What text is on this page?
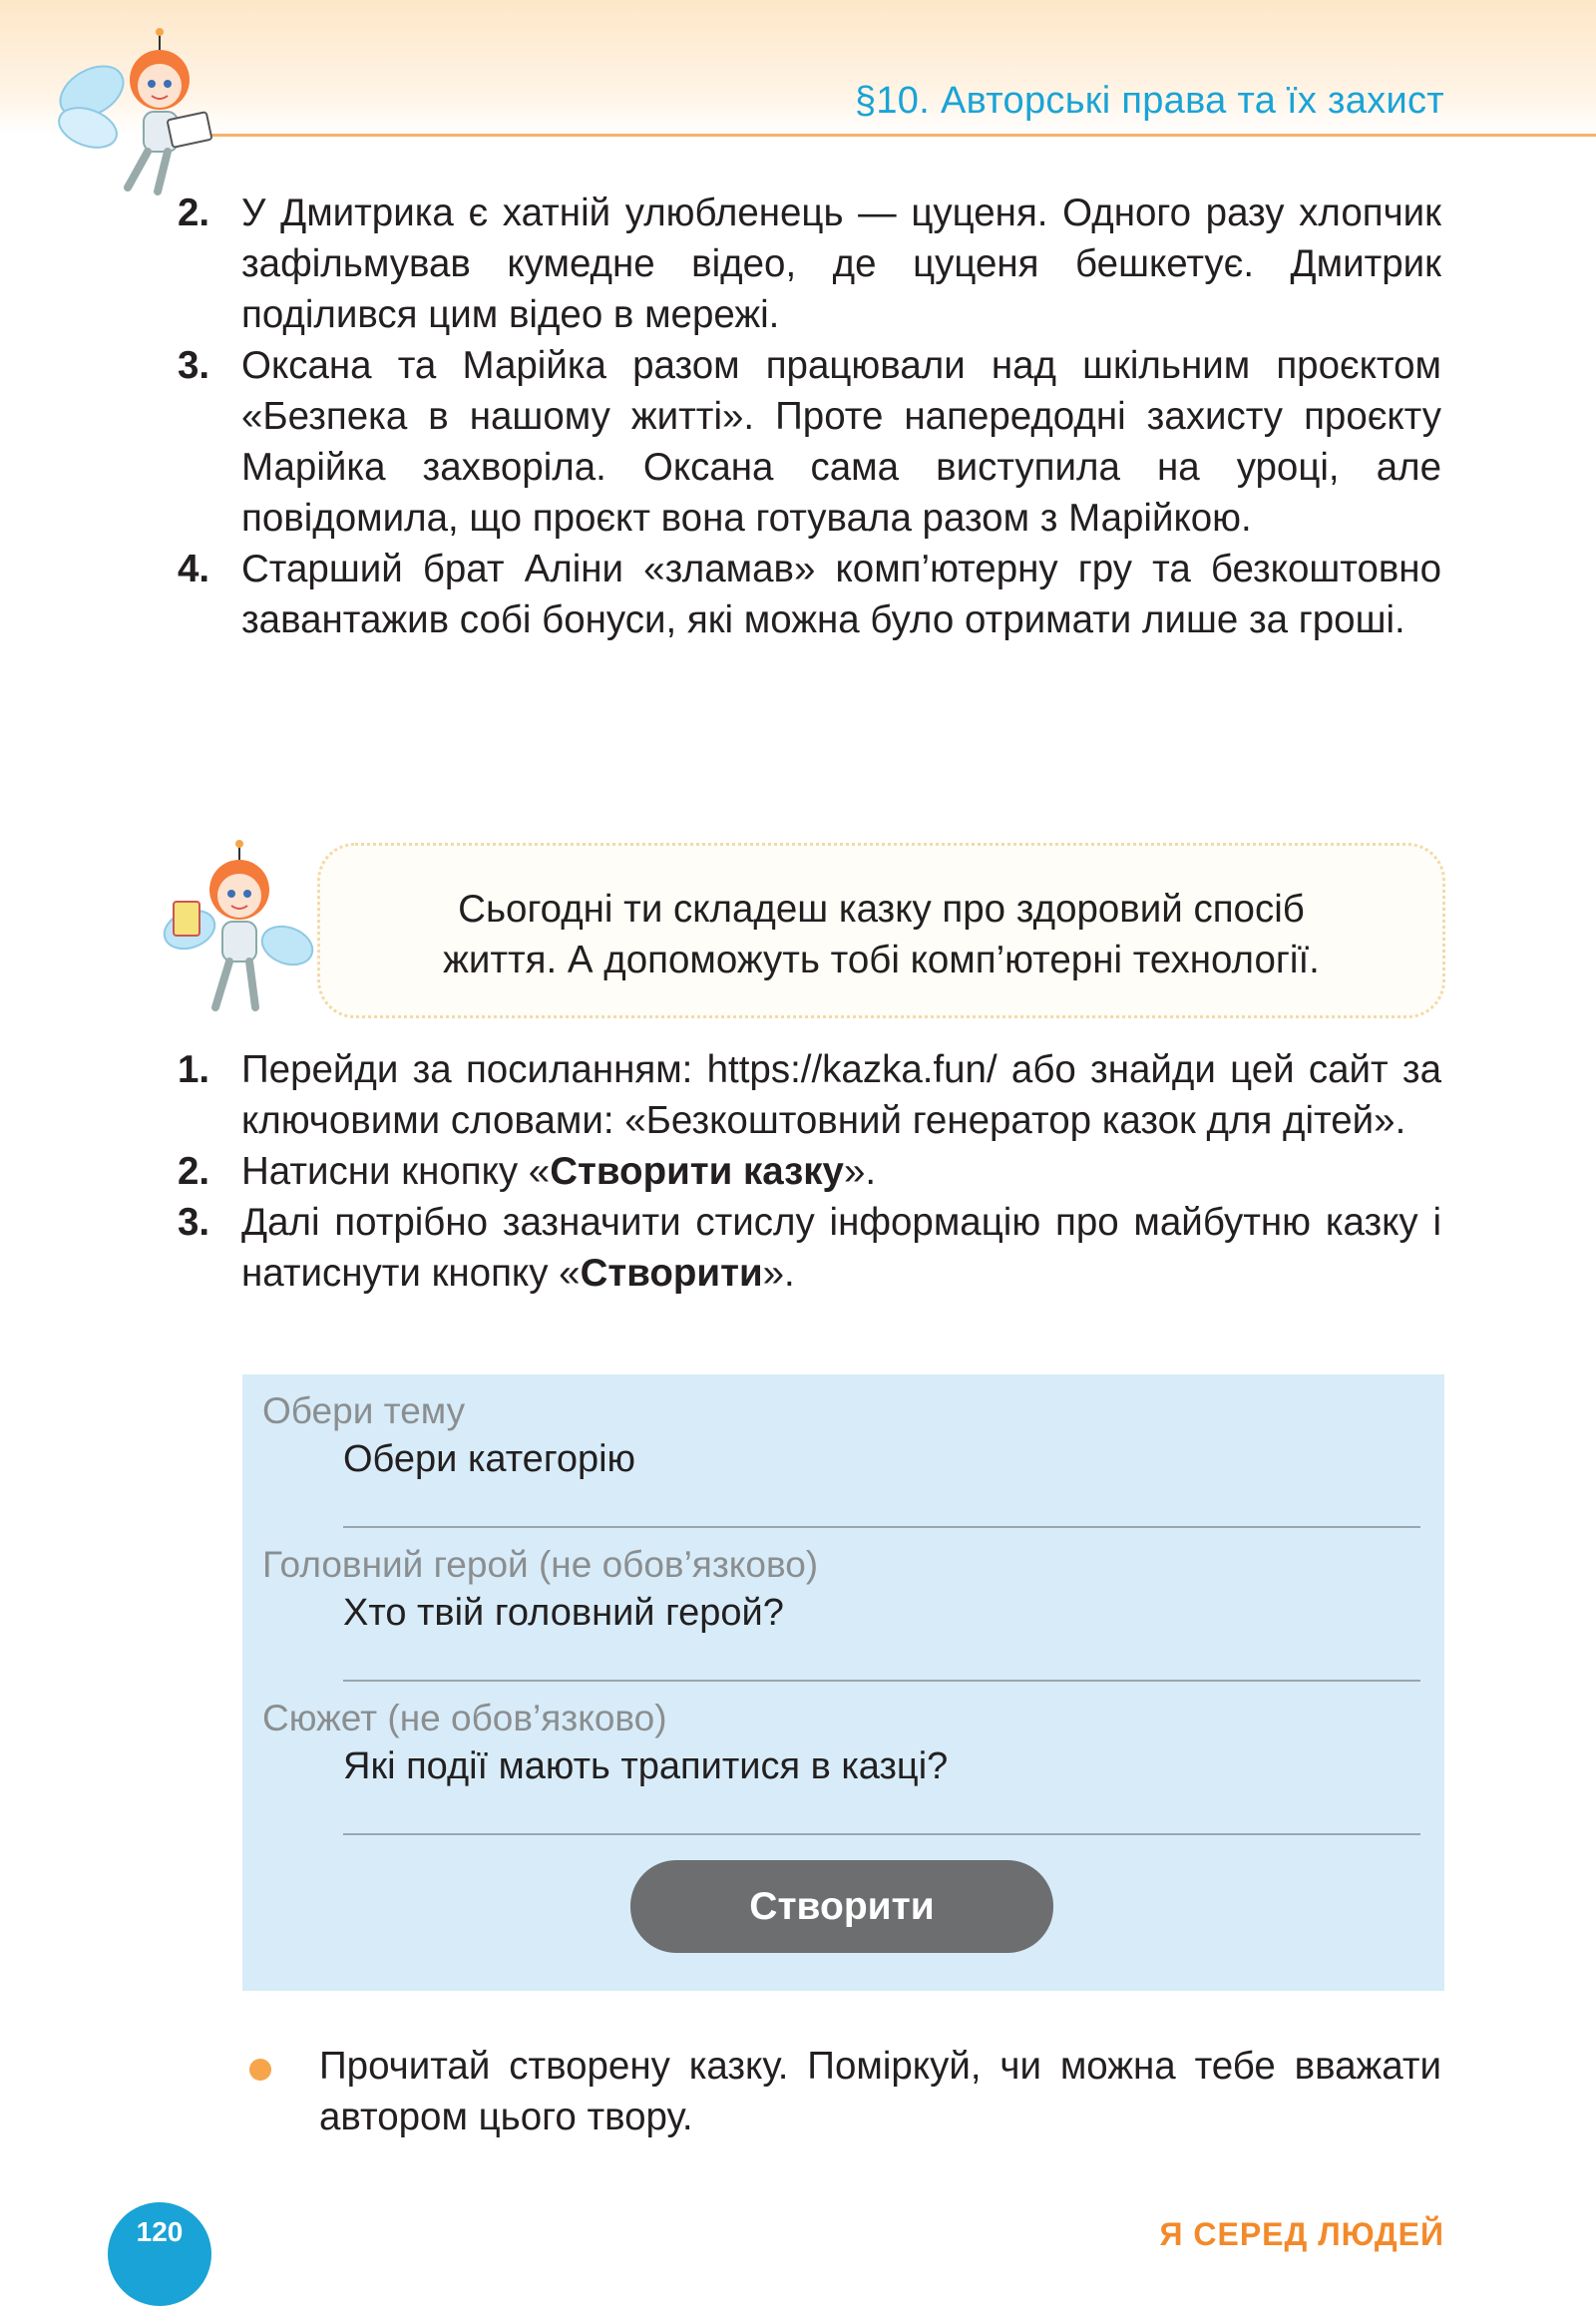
§10. Авторські права та їх захист
2. У Дмитрика є хатній улюбленець — цуценя. Одного разу хлопчик зафільмував кумедне відео, де цуценя бешкетує. Дмитрик поділився цим відео в мережі.
3. Оксана та Марійка разом працювали над шкільним проєктом «Безпека в нашому житті». Проте напередодні захисту проєкту Марійка захворіла. Оксана сама виступила на уроці, але повідомила, що проєкт вона готувала разом з Марійкою.
4. Старший брат Аліни «зламав» комп’ютерну гру та безкоштовно завантажив собі бонуси, які можна було отримати лише за гроші.
Сьогодні ти складеш казку про здоровий спосіб
життя. А допоможуть тобі комп’ютерні технології.
1. Перейди за посиланням: https://kazka.fun/ або знайди цей сайт за ключовими словами: «Безкоштовний генератор казок для дітей».
2. Натисни кнопку «Створити казку».
3. Далі потрібно зазначити стислу інформацію про майбутню казку і натиснути кнопку «Створити».
Обери тему
Обери категорію
Головний герой (не обов’язково)
Хто твій головний герой?
Сюжет (не обов’язково)
Які події мають трапитися в казці?
Створити
Прочитай створену казку. Поміркуй, чи можна тебе вважати автором цього твору.
120	Я СЕРЕД ЛЮДЕЙ
